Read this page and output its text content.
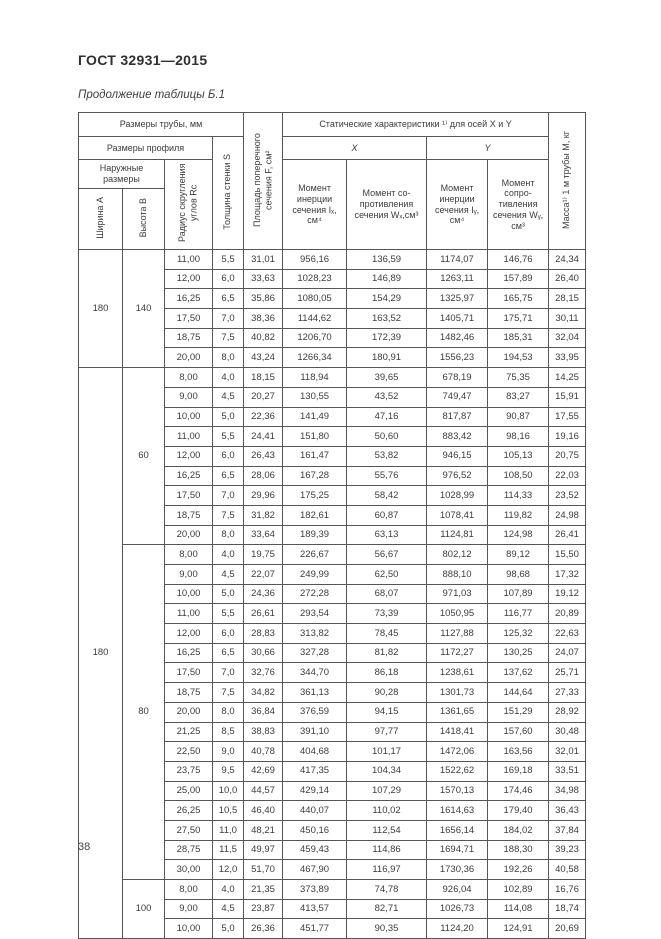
ГОСТ 32931—2015
Продолжение таблицы Б.1
Размеры трубы, мм				Площадь поперечного сечения F, см²	Статические характеристики ¹⁾ для осей X и Y				Масса¹⁾ 1 м трубы M, кг
Размеры профиля			Толщина стенки S		X		Y		
Наружные размеры		Радиус скругления углов Rс			Момент инерции сечения Iₓ, см⁴	Момент сопротивления сечения Wₓ,см³	Момент инерции сечения Iᵧ, см⁴	Момент сопротивления сечения Wᵧ, см³	
Ширина A	Высота B								
180	140	11,00	5,5	31,01	956,16	136,59	1174,07	146,76	24,34
		12,00	6,0	33,63	1028,23	146,89	1263,11	157,89	26,40
		16,25	6,5	35,86	1080,05	154,29	1325,97	165,75	28,15
		17,50	7,0	38,36	1144,62	163,52	1405,71	175,71	30,11
		18,75	7,5	40,82	1206,70	172,39	1482,46	185,31	32,04
		20,00	8,0	43,24	1266,34	180,91	1556,23	194,53	33,95
180	60	8,00	4,0	18,15	118,94	39,65	678,19	75,35	14,25
		9,00	4,5	20,27	130,55	43,52	749,47	83,27	15,91
		10,00	5,0	22,36	141,49	47,16	817,87	90,87	17,55
		11,00	5,5	24,41	151,80	50,60	883,42	98,16	19,16
		12,00	6,0	26,43	161,47	53,82	946,15	105,13	20,75
		16,25	6,5	28,06	167,28	55,76	976,52	108,50	22,03
		17,50	7,0	29,96	175,25	58,42	1028,99	114,33	23,52
		18,75	7,5	31,82	182,61	60,87	1078,41	119,82	24,98
		20,00	8,0	33,64	189,39	63,13	1124,81	124,98	26,41
	80	8,00	4,0	19,75	226,67	56,67	802,12	89,12	15,50
		9,00	4,5	22,07	249,99	62,50	888,10	98,68	17,32
		10,00	5,0	24,36	272,28	68,07	971,03	107,89	19,12
		11,00	5,5	26,61	293,54	73,39	1050,95	116,77	20,89
		12,00	6,0	28,83	313,82	78,45	1127,88	125,32	22,63
		16,25	6,5	30,66	327,28	81,82	1172,27	130,25	24,07
		17,50	7,0	32,76	344,70	86,18	1238,61	137,62	25,71
		18,75	7,5	34,82	361,13	90,28	1301,73	144,64	27,33
		20,00	8,0	36,84	376,59	94,15	1361,65	151,29	28,92
		21,25	8,5	38,83	391,10	97,77	1418,41	157,60	30,48
		22,50	9,0	40,78	404,68	101,17	1472,06	163,56	32,01
		23,75	9,5	42,69	417,35	104,34	1522,62	169,18	33,51
		25,00	10,0	44,57	429,14	107,29	1570,13	174,46	34,98
		26,25	10,5	46,40	440,07	110,02	1614,63	179,40	36,43
		27,50	11,0	48,21	450,16	112,54	1656,14	184,02	37,84
		28,75	11,5	49,97	459,43	114,86	1694,71	188,30	39,23
		30,00	12,0	51,70	467,90	116,97	1730,36	192,26	40,58
	100	8,00	4,0	21,35	373,89	74,78	926,04	102,89	16,76
		9,00	4,5	23,87	413,57	82,71	1026,73	114,08	18,74
		10,00	5,0	26,36	451,77	90,35	1124,20	124,91	20,69
38
